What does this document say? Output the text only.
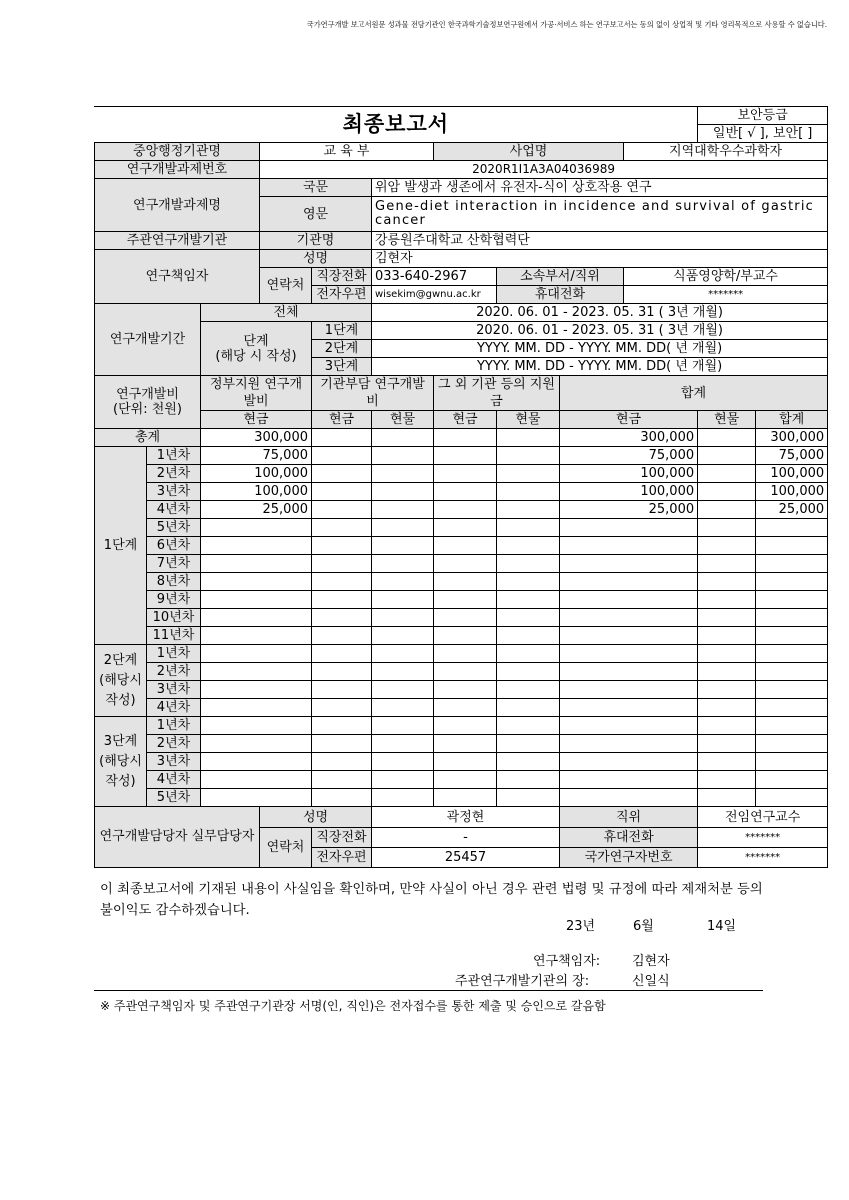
국가연구개발 보고서원문 성과물 전담기관인 한국과학기술정보연구원에서 가공·서비스 하는 연구보고서는 동의 없이 상업적 및 기타 영리목적으로 사용할 수 없습니다.
최종보고서										보안등급	
										일반[ √ ], 보안[ ]	
중앙행정기관명			교 육 부			사업명			지역대학우수과학자		
연구개발과제번호			2020R1I1A3A04036989								
연구개발과제명			국문		위암 발생과 생존에서 유전자-식이 상호작용 연구						
			영문		Gene-diet interaction in incidence and survival of gastric cancer						
주관연구개발기관			기관명		강릉원주대학교 산학협력단						
연구책임자			성명		김현자						
			연락처	직장전화	033-640-2967		소속부서/직위		식품영양학/부교수		
				전자우편	wisekim@gwnu.ac.kr		휴대전화		*******		
연구개발기간		전체			2020. 06. 01 - 2023. 05. 31 ( 3년 개월)						
		단계
(해당 시 작성)		1단계	2020. 06. 01 - 2023. 05. 31 ( 3년 개월)						
				2단계	YYYY. MM. DD - YYYY. MM. DD( 년 개월)						
				3단계	YYYY. MM. DD - YYYY. MM. DD( 년 개월)						
연구개발비
(단위: 천원)		정부지원 연구개발비		기관부담 연구개발비		그 외 기관 등의 지원금		합계			
		현금		현금	현물	현금	현물	현금		현물	합계
총계		300,000						300,000			300,000
1단계	1년차	75,000						75,000			75,000
	2년차	100,000						100,000			100,000
	3년차	100,000						100,000			100,000
	4년차	25,000						25,000			25,000
	5년차										
	6년차										
	7년차										
	8년차										
	9년차										
	10년차										
	11년차										
2단계 (해당시 작성)	1년차										
	2년차										
	3년차										
	4년차										
3단계 (해당시 작성)	1년차										
	2년차										
	3년차										
	4년차										
	5년차										
연구개발담당자 실무담당자			성명		곽정현			직위		전임연구교수	
			연락처	직장전화	-			휴대전화		*******	
				전자우편	25457			국가연구자번호		*******	
이 최종보고서에 기재된 내용이 사실임을 확인하며, 만약 사실이 아닌 경우 관련 법령 및 규정에 따라 제재처분 등의 불이익도 감수하겠습니다.
23년	6월	14일
연구책임자: 김현자
주관연구개발기관의 장:	신일식
※ 주관연구책임자 및 주관연구기관장 서명(인, 직인)은 전자접수를 통한 제출 및 승인으로 갈음함
